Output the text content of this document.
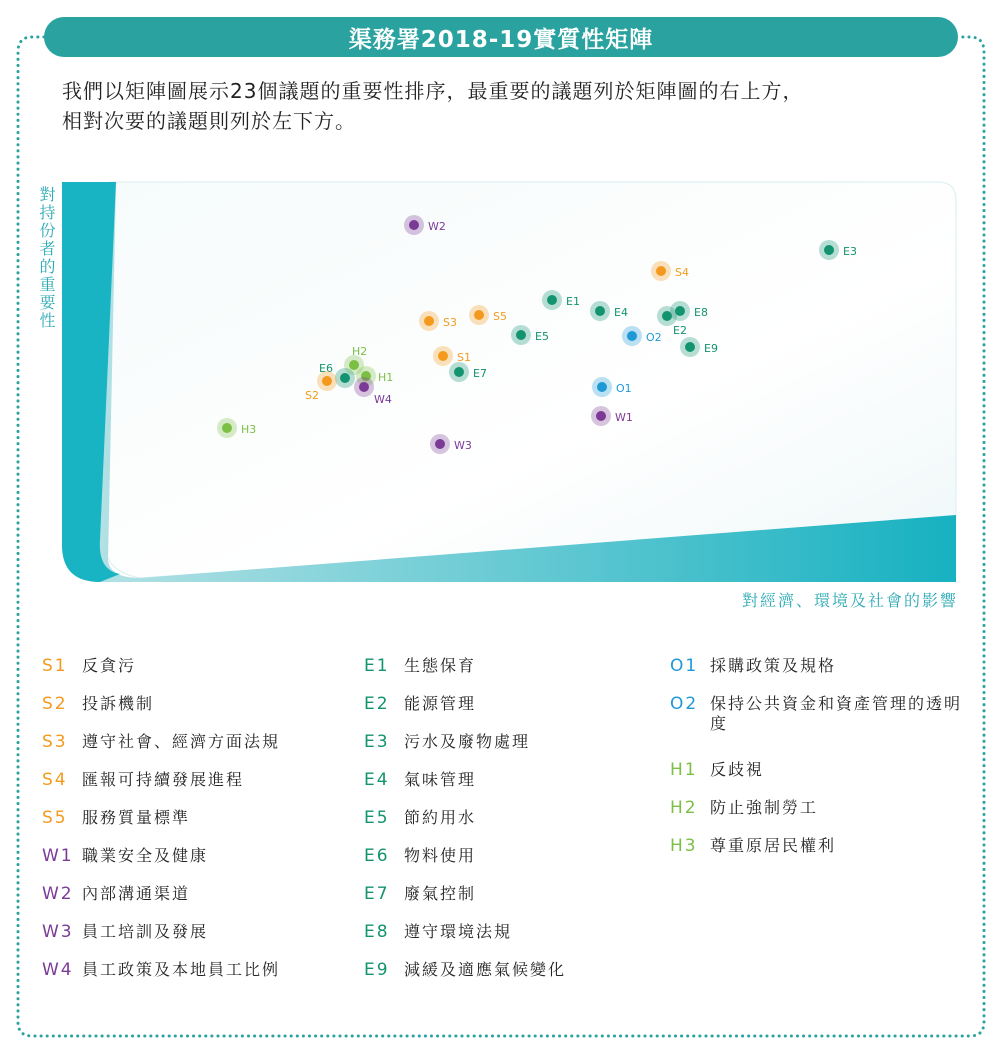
渠務署2018-19實質性矩陣
我們以矩陣圖展示23個議題的重要性排序，最重要的議題列於矩陣圖的右上方，
相對次要的議題則列於左下方。
W2
E3
S4
E1
E8
E4
S5
E2
S3
E5	O2
E9
S1
H2
E7
H1
E6
S2	W4
O1
W1
H3
W3
對持份者的重要性
對經濟、環境及社會的影響
S1 反貪污
S2 投訴機制
S3 遵守社會、經濟方面法規
S4 匯報可持續發展進程
S5 服務質量標準
W1 職業安全及健康
W2 內部溝通渠道
W3 員工培訓及發展
W4 員工政策及本地員工比例
E1 生態保育
E2 能源管理
E3 污水及廢物處理
E4 氣味管理
E5 節約用水
E6 物料使用
E7 廢氣控制
E8 遵守環境法規
E9 減緩及適應氣候變化
O1 採購政策及規格
O2 保持公共資金和資產管理的透明度
H1 反歧視
H2 防止強制勞工
H3 尊重原居民權利
